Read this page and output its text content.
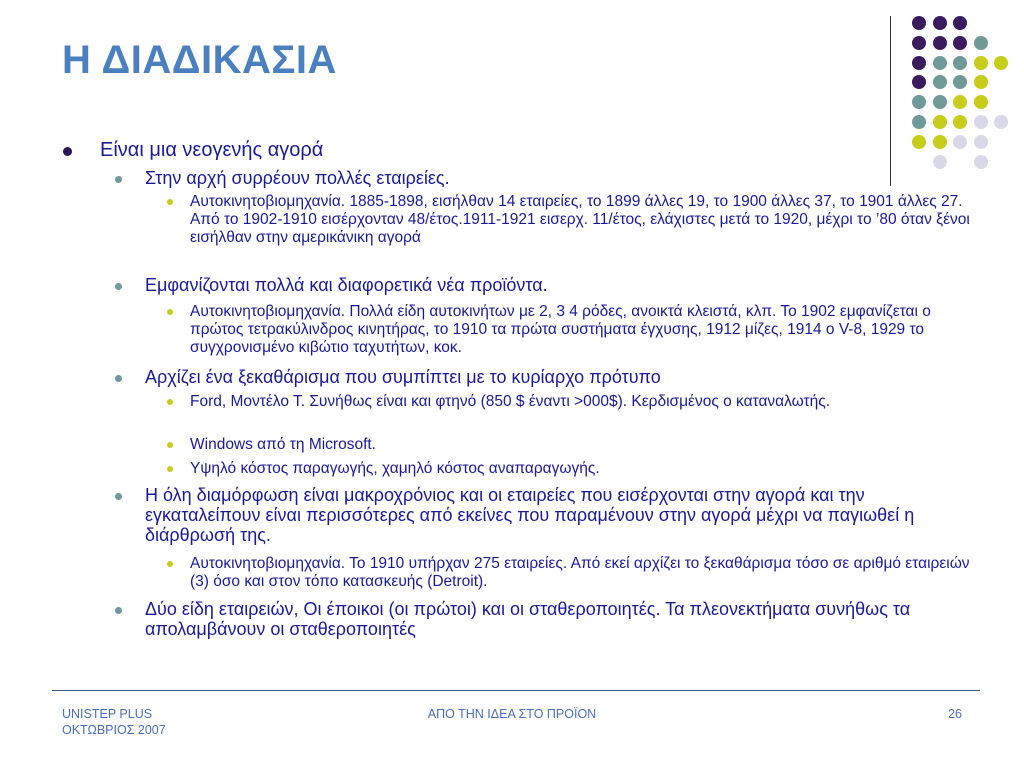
Η ΔΙΑΔΙΚΑΣΙΑ
Είναι μια νεογενής αγορά
Στην αρχή συρρέουν πολλές εταιρείες.
Αυτοκινητοβιομηχανία. 1885-1898, εισήλθαν 14 εταιρείες, το 1899 άλλες 19, το 1900 άλλες 37, το 1901 άλλες 27. Από το 1902-1910 εισέρχονταν 48/έτος.1911-1921 εισερχ. 11/έτος, ελάχιστες μετά το 1920, μέχρι το ’80 όταν ξένοι εισήλθαν στην αμερικάνικη αγορά
Εμφανίζονται πολλά και διαφορετικά νέα προϊόντα.
Αυτοκινητοβιομηχανία. Πολλά είδη αυτοκινήτων με 2, 3 4 ρόδες, ανοικτά κλειστά, κλπ. Το 1902 εμφανίζεται ο πρώτος τετρακύλινδρος κινητήρας, το 1910 τα πρώτα συστήματα έγχυσης, 1912 μίζες, 1914 ο V-8, 1929 το συγχρονισμένο κιβώτιο ταχυτήτων, κοκ.
Αρχίζει ένα ξεκαθάρισμα που συμπίπτει με το κυρίαρχο πρότυπο
Ford, Μοντέλο Τ. Συνήθως είναι και φτηνό (850 $ έναντι >000$). Κερδισμένος ο καταναλωτής.
Windows από τη Microsoft.
Υψηλό κόστος παραγωγής, χαμηλό κόστος αναπαραγωγής.
Η όλη διαμόρφωση είναι μακροχρόνιος και οι εταιρείες που εισέρχονται στην αγορά και την εγκαταλείπουν είναι περισσότερες από εκείνες που παραμένουν στην αγορά μέχρι να παγιωθεί η διάρθρωσή της.
Αυτοκινητοβιομηχανία. Το 1910 υπήρχαν 275 εταιρείες. Από εκεί αρχίζει το ξεκαθάρισμα τόσο σε αριθμό εταιρειών (3) όσο και στον τόπο κατασκευής (Detroit).
Δύο είδη εταιρειών, Οι έποικοι (οι πρώτοι) και οι σταθεροποιητές. Τα πλεονεκτήματα συνήθως τα απολαμβάνουν οι σταθεροποιητές
UNISTEP PLUS
ΟΚΤΩΒΡΙΟΣ 2007
ΑΠΟ ΤΗΝ ΙΔΕΑ ΣΤΟ ΠΡΟΪΟΝ	26
